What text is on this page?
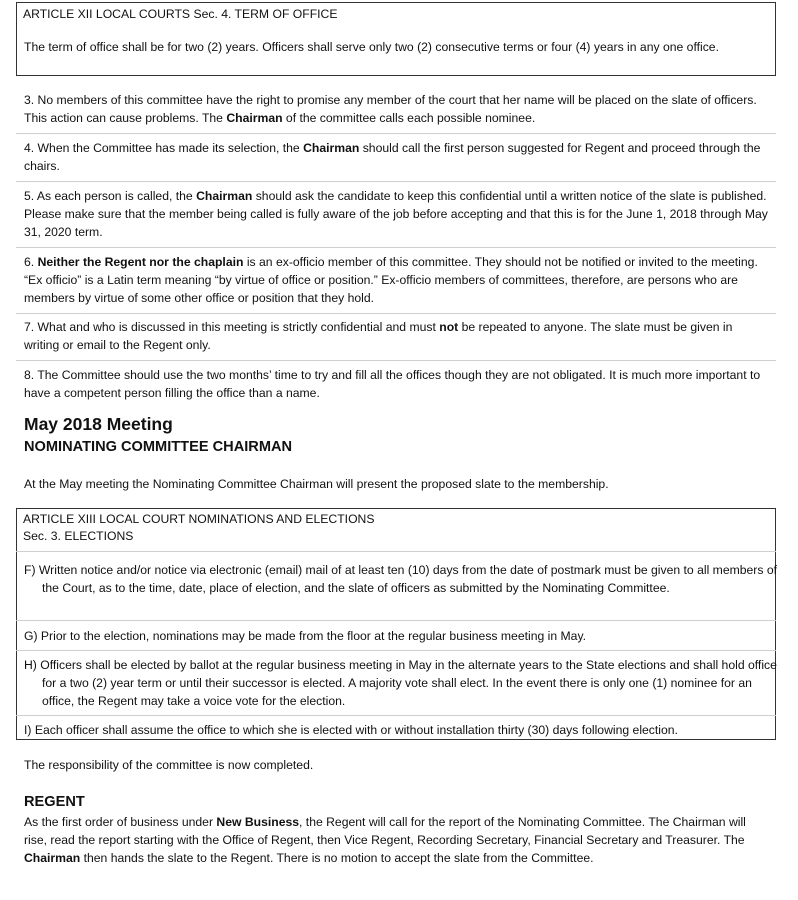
ARTICLE XII LOCAL COURTS Sec. 4. TERM OF OFFICE

The term of office shall be for two (2) years. Officers shall serve only two (2) consecutive terms or four (4) years in any one office.

3. No members of this committee have the right to promise any member of the court that her name will be placed on the slate of officers. This action can cause problems. The Chairman of the committee calls each possible nominee.

4. When the Committee has made its selection, the Chairman should call the first person suggested for Regent and proceed through the chairs.

5. As each person is called, the Chairman should ask the candidate to keep this confidential until a written notice of the slate is published. Please make sure that the member being called is fully aware of the job before accepting and that this is for the June 1, 2018 through May 31, 2020 term.

6. Neither the Regent nor the chaplain is an ex-officio member of this committee. They should not be notified or invited to the meeting. “Ex officio” is a Latin term meaning “by virtue of office or position.” Ex-officio members of committees, therefore, are persons who are members by virtue of some other office or position that they hold.

7. What and who is discussed in this meeting is strictly confidential and must not be repeated to anyone. The slate must be given in writing or email to the Regent only.

8. The Committee should use the two months’ time to try and fill all the offices though they are not obligated. It is much more important to have a competent person filling the office than a name.

May 2018 Meeting
NOMINATING COMMITTEE CHAIRMAN

At the May meeting the Nominating Committee Chairman will present the proposed slate to the membership.

ARTICLE XIII LOCAL COURT NOMINATIONS AND ELECTIONS

Sec. 3. ELECTIONS

F) Written notice and/or notice via electronic (email) mail of at least ten (10) days from the date of postmark must be given to all members of the Court, as to the time, date, place of election, and the slate of officers as submitted by the Nominating Committee.

G) Prior to the election, nominations may be made from the floor at the regular business meeting in May.

H) Officers shall be elected by ballot at the regular business meeting in May in the alternate years to the State elections and shall hold office for a two (2) year term or until their successor is elected. A majority vote shall elect. In the event there is only one (1) nominee for an office, the Regent may take a voice vote for the election.

I) Each officer shall assume the office to which she is elected with or without installation thirty (30) days following election.

The responsibility of the committee is now completed.

REGENT

As the first order of business under New Business, the Regent will call for the report of the Nominating Committee. The Chairman will rise, read the report starting with the Office of Regent, then Vice Regent, Recording Secretary, Financial Secretary and Treasurer. The Chairman then hands the slate to the Regent. There is no motion to accept the slate from the Committee.
